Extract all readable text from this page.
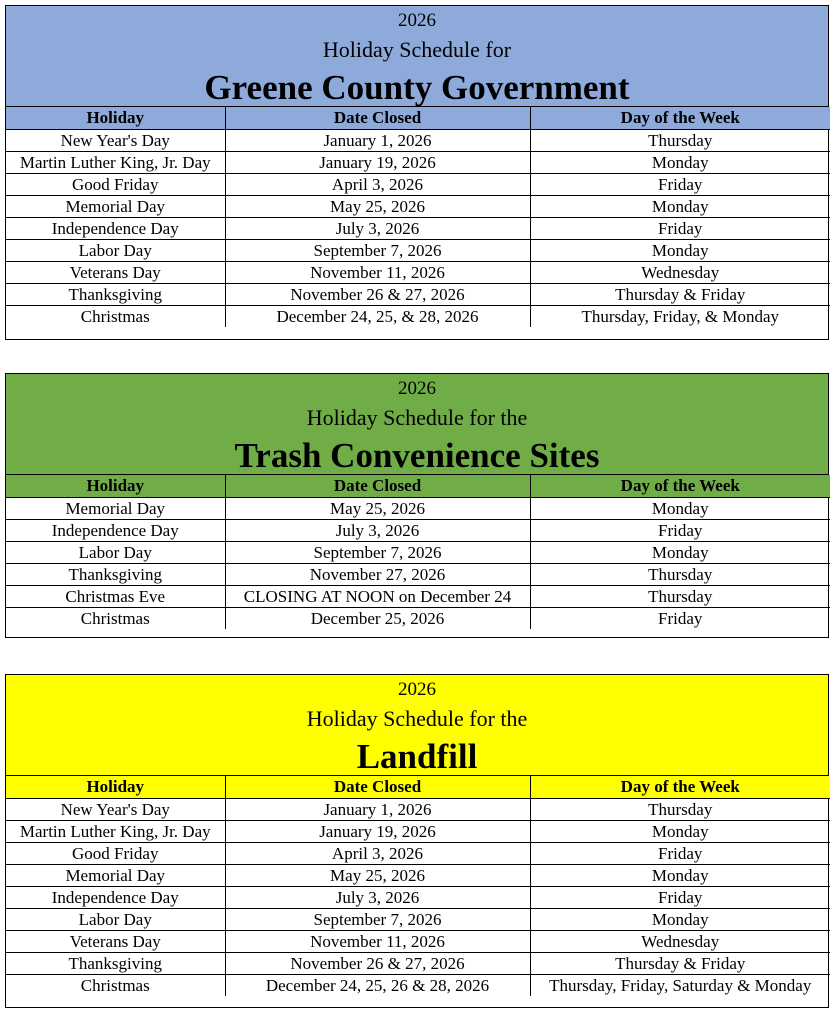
2026
Holiday Schedule for
Greene County Government
Holiday	Date Closed	Day of the Week
New Year's Day	January 1, 2026	Thursday
Martin Luther King, Jr. Day	January 19, 2026	Monday
Good Friday	April 3, 2026	Friday
Memorial Day	May 25, 2026	Monday
Independence Day	July 3, 2026	Friday
Labor Day	September 7, 2026	Monday
Veterans Day	November 11, 2026	Wednesday
Thanksgiving	November 26 & 27, 2026	Thursday & Friday
Christmas	December 24, 25, & 28, 2026	Thursday, Friday, & Monday
2026
Holiday Schedule for the
Trash Convenience Sites
Holiday	Date Closed	Day of the Week
Memorial Day	May 25, 2026	Monday
Independence Day	July 3, 2026	Friday
Labor Day	September 7, 2026	Monday
Thanksgiving	November 27, 2026	Thursday
Christmas Eve	CLOSING AT NOON on December 24	Thursday
Christmas	December 25, 2026	Friday
2026
Holiday Schedule for the
Landfill
Holiday	Date Closed	Day of the Week
New Year's Day	January 1, 2026	Thursday
Martin Luther King, Jr. Day	January 19, 2026	Monday
Good Friday	April 3, 2026	Friday
Memorial Day	May 25, 2026	Monday
Independence Day	July 3, 2026	Friday
Labor Day	September 7, 2026	Monday
Veterans Day	November 11, 2026	Wednesday
Thanksgiving	November 26 & 27, 2026	Thursday & Friday
Christmas	December 24, 25, 26 & 28, 2026	Thursday, Friday, Saturday & Monday
